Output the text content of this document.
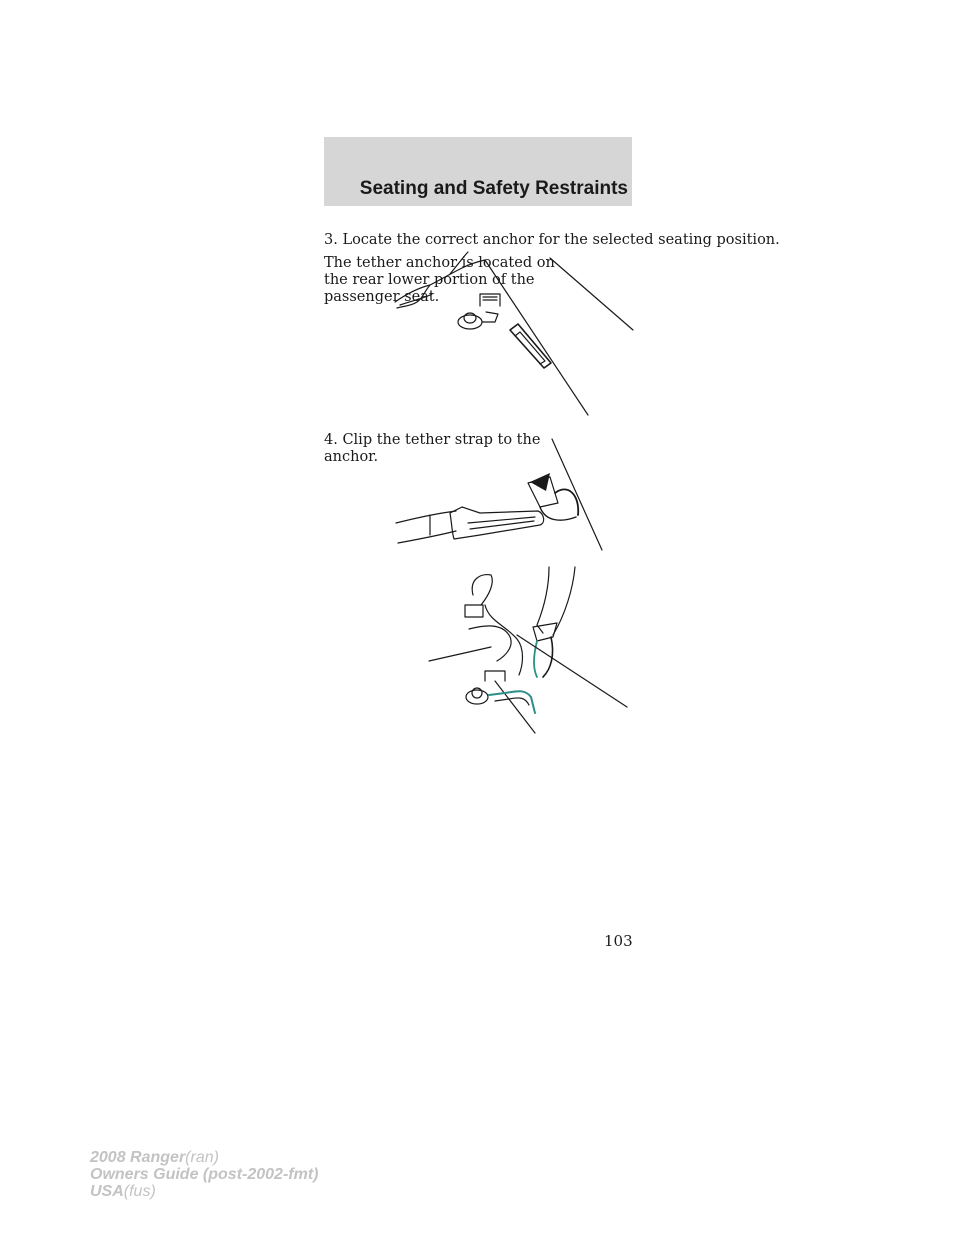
Seating and Safety Restraints
3. Locate the correct anchor for the selected seating position.
The tether anchor is located on the rear lower portion of the passenger seat.
4. Clip the tether strap to the anchor.
103
2008 Ranger(ran)
Owners Guide (post-2002-fmt)
USA(fus)
